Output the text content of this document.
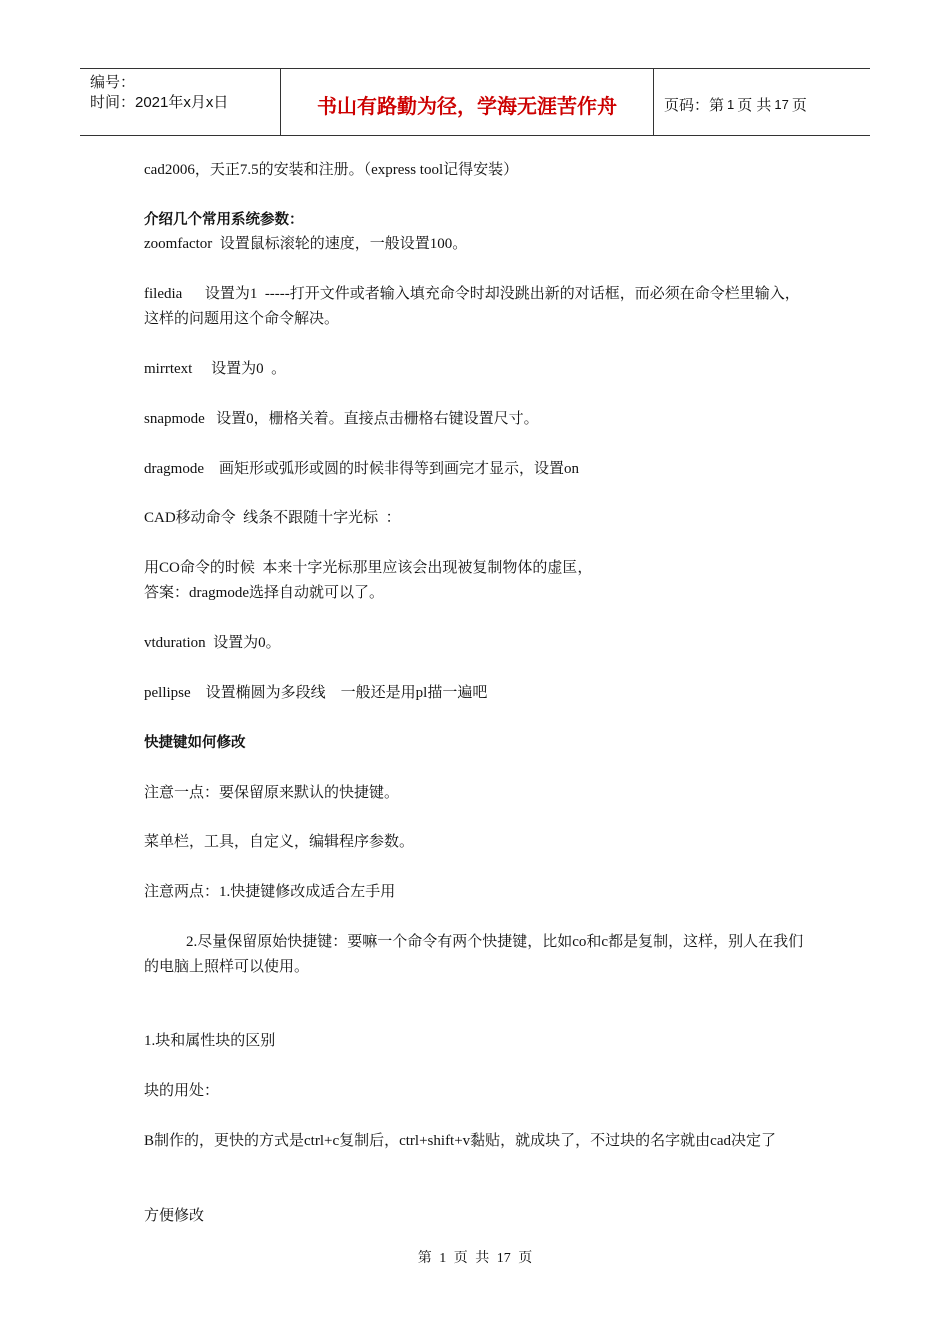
编号：
时间：2021年x月x日	书山有路勤为径，学海无涯苦作舟	页码：第 1 页 共 17 页
cad2006，天正7.5的安装和注册。（express tool记得安装）
介绍几个常用系统参数：
zoomfactor  设置鼠标滚轮的速度，一般设置100。
filedia      设置为1  -----打开文件或者输入填充命令时却没跳出新的对话框，而必须在命令栏里输入，这样的问题用这个命令解决。
mirrtext     设置为0  。
snapmode   设置0，栅格关着。直接点击栅格右键设置尺寸。
dragmode    画矩形或弧形或圆的时候非得等到画完才显示，设置on
CAD移动命令  线条不跟随十字光标  ：
用CO命令的时候  本来十字光标那里应该会出现被复制物体的虚匡，
答案：dragmode选择自动就可以了。
vtduration  设置为0。
pellipse    设置椭圆为多段线    一般还是用pl描一遍吧
快捷键如何修改
注意一点：要保留原来默认的快捷键。
菜单栏，工具，自定义，编辑程序参数。
注意两点：1.快捷键修改成适合左手用
2.尽量保留原始快捷键：要嘛一个命令有两个快捷键，比如co和c都是复制，这样，别人在我们的电脑上照样可以使用。
1.块和属性块的区别
块的用处：
B制作的，更快的方式是ctrl+c复制后，ctrl+shift+v黏贴，就成块了，不过块的名字就由cad决定了
方便修改
第 1 页 共 17 页
